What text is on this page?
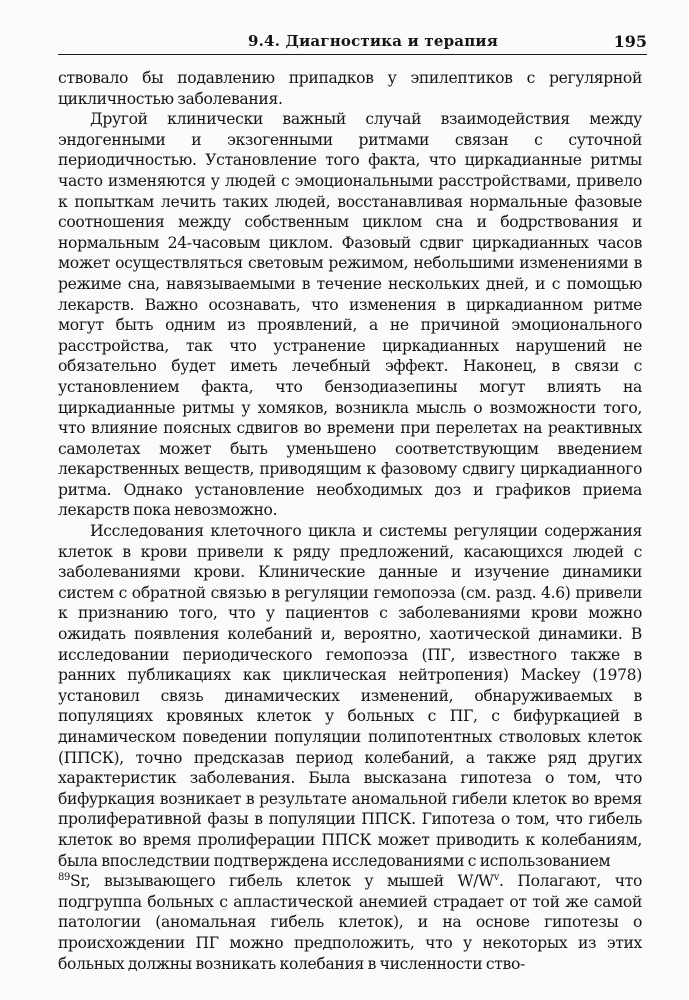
9.4. Диагностика и терапия	195

ствовало бы подавлению припадков у эпилептиков с регулярной цикличностью заболевания.

Другой клинически важный случай взаимодействия между эндогенными и экзогенными ритмами связан с суточной периодичностью. Установление того факта, что циркадианные ритмы часто изменяются у людей с эмоциональными расстройствами, привело к попыткам лечить таких людей, восстанавливая нормальные фазовые соотношения между собственным циклом сна и бодрствования и нормальным 24-часовым циклом. Фазовый сдвиг циркадианных часов может осуществляться световым режимом, небольшими изменениями в режиме сна, навязываемыми в течение нескольких дней, и с помощью лекарств. Важно осознавать, что изменения в циркадианном ритме могут быть одним из проявлений, а не причиной эмоционального расстройства, так что устранение циркадианных нарушений не обязательно будет иметь лечебный эффект. Наконец, в связи с установлением факта, что бензодиазепины могут влиять на циркадианные ритмы у хомяков, возникла мысль о возможности того, что влияние поясных сдвигов во времени при перелетах на реактивных самолетах может быть уменьшено соответствующим введением лекарственных веществ, приводящим к фазовому сдвигу циркадианного ритма. Однако установление необходимых доз и графиков приема лекарств пока невозможно.

Исследования клеточного цикла и системы регуляции содержания клеток в крови привели к ряду предложений, касающихся людей с заболеваниями крови. Клинические данные и изучение динамики систем с обратной связью в регуляции гемопоэза (см. разд. 4.6) привели к признанию того, что у пациентов с заболеваниями крови можно ожидать появления колебаний и, вероятно, хаотической динамики. В исследовании периодического гемопоэза (ПГ, известного также в ранних публикациях как циклическая нейтропения) Mackey (1978) установил связь динамических изменений, обнаруживаемых в популяциях кровяных клеток у больных с ПГ, с бифуркацией в динамическом поведении популяции полипотентных стволовых клеток (ППСК), точно предсказав период колебаний, а также ряд других характеристик заболевания. Была высказана гипотеза о том, что бифуркация возникает в результате аномальной гибели клеток во время пролиферативной фазы в популяции ППСК. Гипотеза о том, что гибель клеток во время пролиферации ППСК может приводить к колебаниям, была впоследствии подтверждена исследованиями с использованием

$^{89}$Sr, вызывающего гибель клеток у мышей $W/W^v$. Полагают, что подгруппа больных с апластической анемией страдает от той же самой патологии (аномальная гибель клеток), и на основе гипотезы о происхождении ПГ можно предположить, что у некоторых из этих больных должны возникать колебания в численности ство-
